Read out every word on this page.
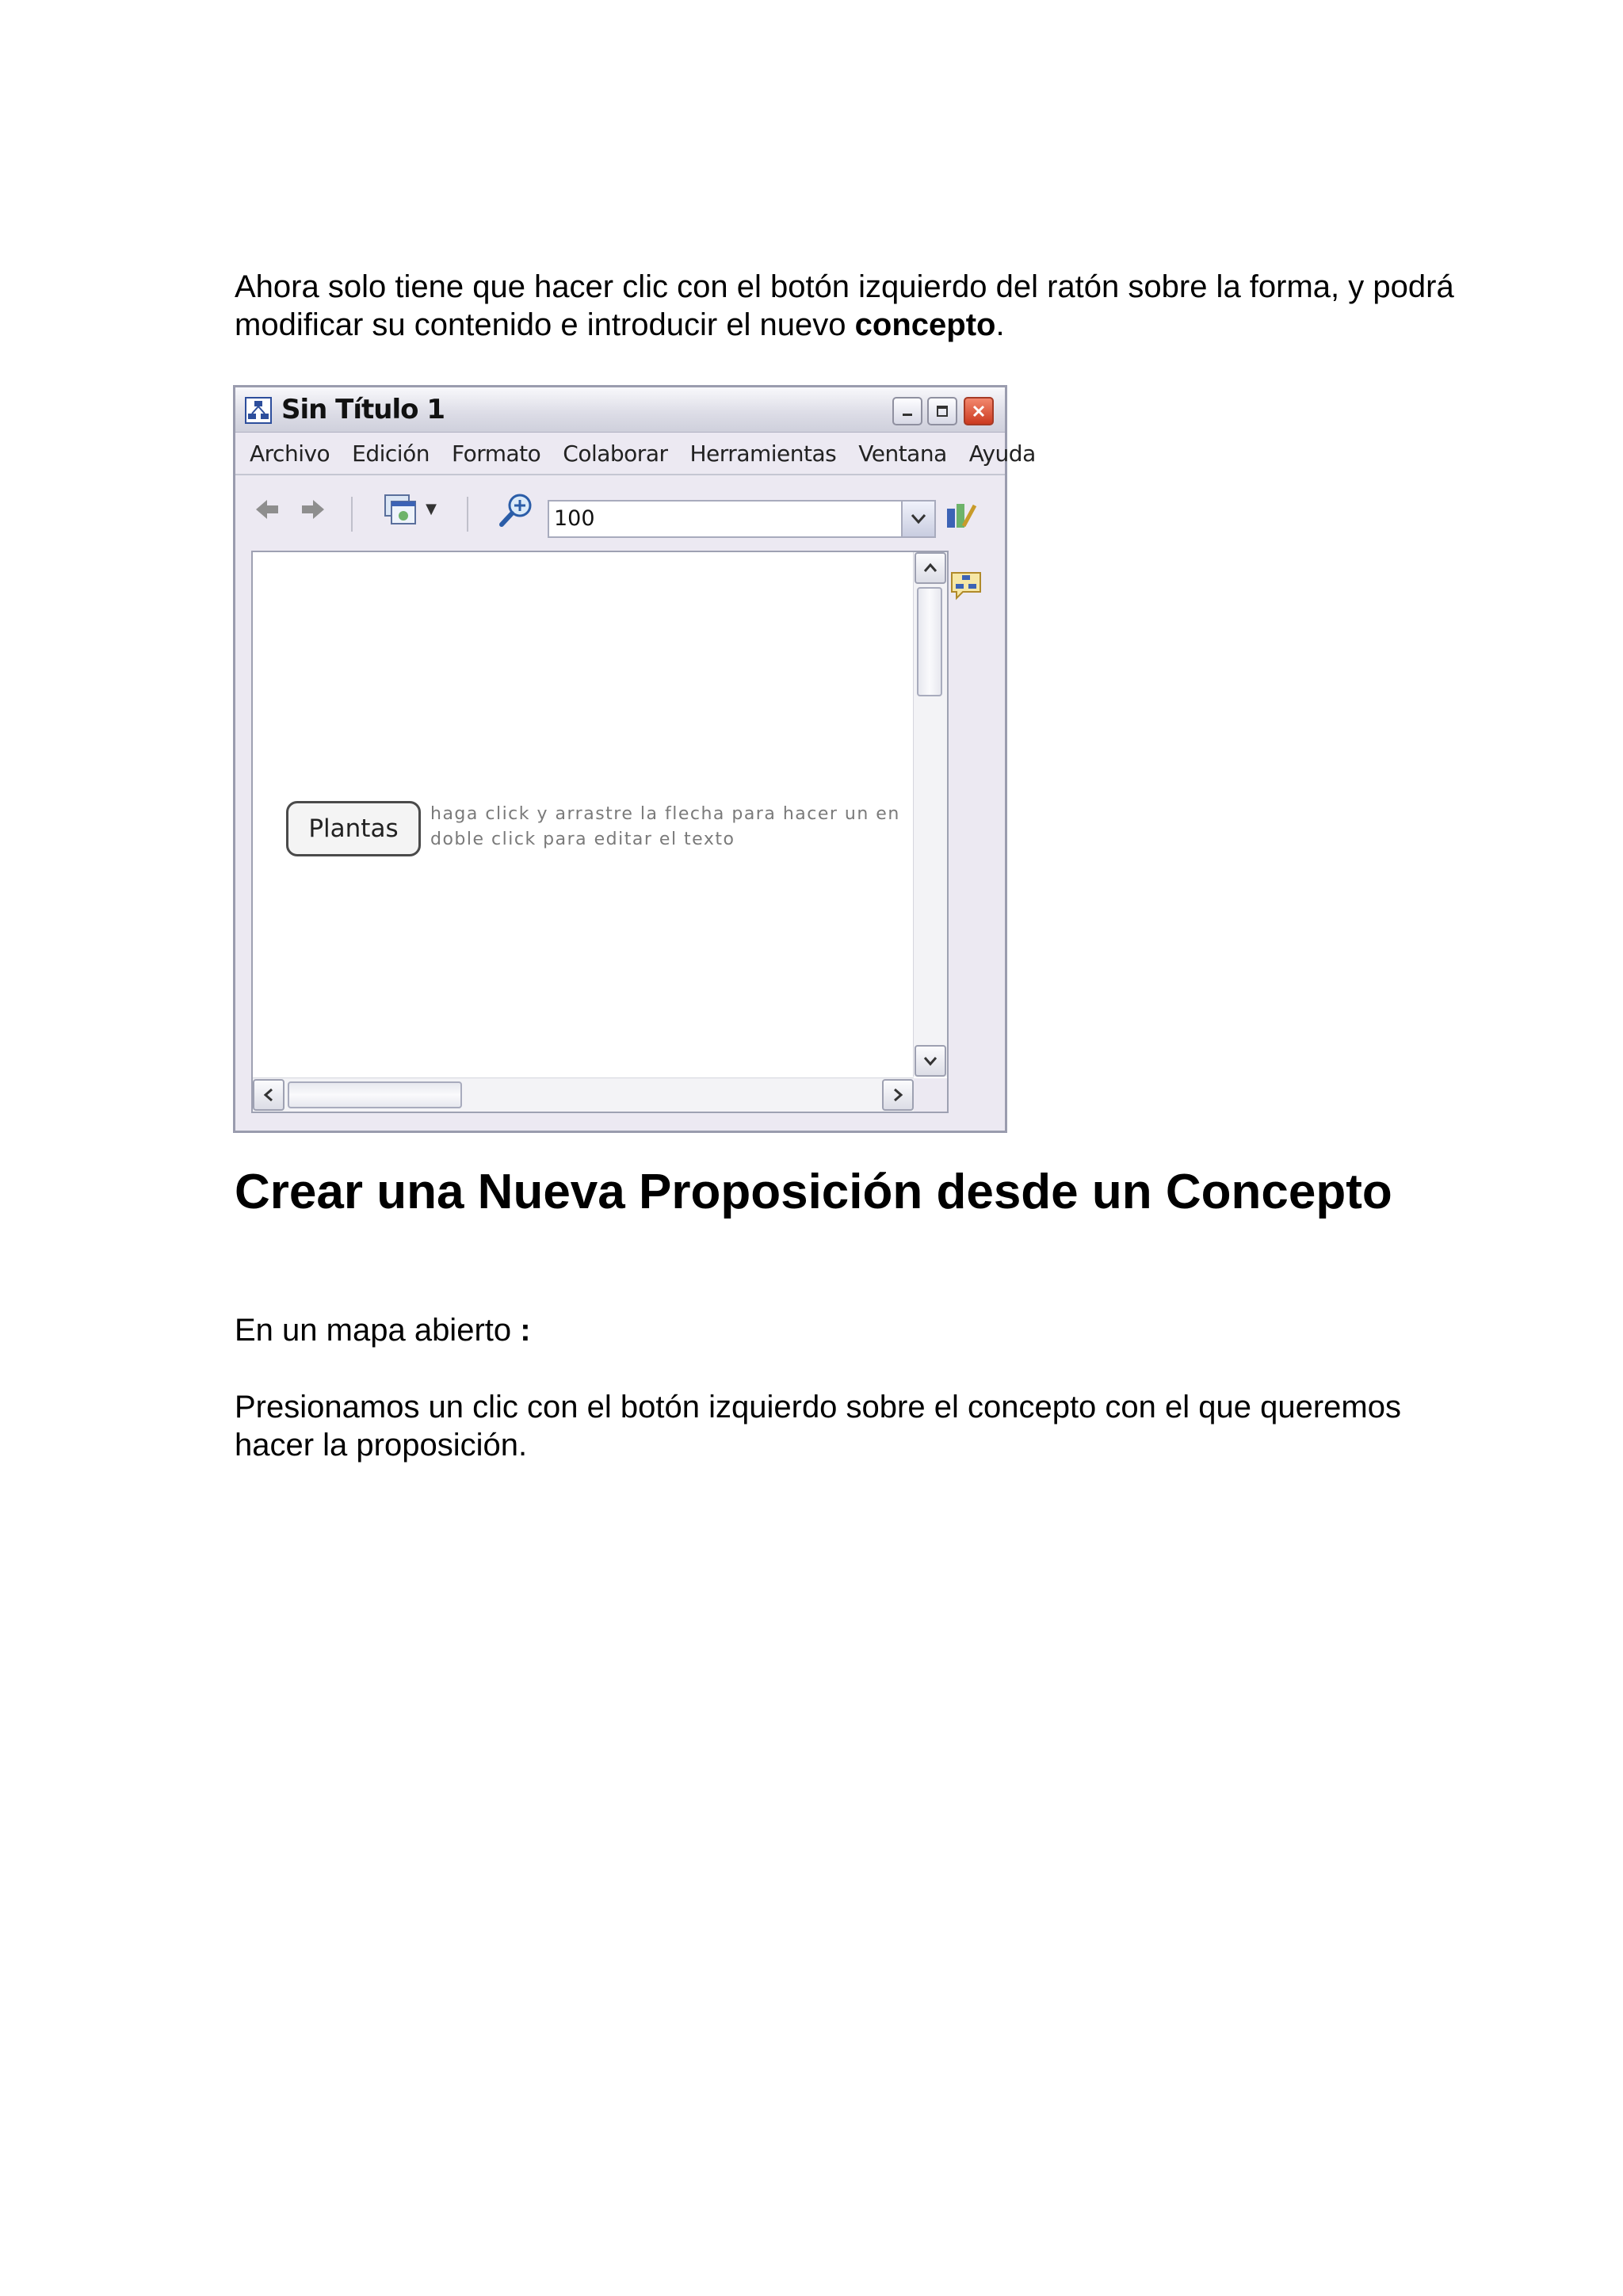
Ahora solo tiene que hacer clic con el botón izquierdo del ratón sobre la forma, y podrá modificar su contenido e introducir el nuevo concepto.

Sin Título 1
Archivo Edición Formato Colaborar Herramientas Ventana Ayuda
▼	100
Plantas
haga click y arrastre la flecha para hacer un en
doble click para editar el texto
Crear una Nueva Proposición desde un Concepto

En un mapa abierto :

Presionamos un clic con el botón izquierdo sobre el concepto con el que queremos hacer la proposición.
